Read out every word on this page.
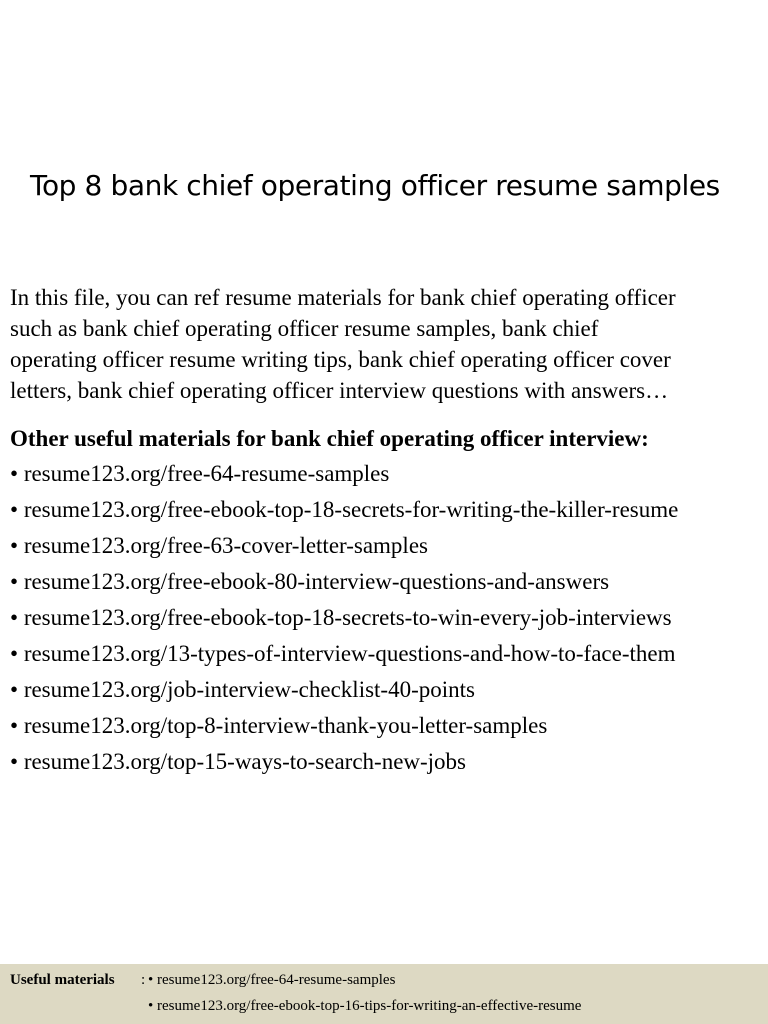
Top 8 bank chief operating officer resume samples
In this file, you can ref resume materials for bank chief operating officer
such as bank chief operating officer resume samples, bank chief
operating officer resume writing tips, bank chief operating officer cover
letters, bank chief operating officer interview questions with answers…
Other useful materials for bank chief operating officer interview:
• resume123.org/free-64-resume-samples
• resume123.org/free-ebook-top-18-secrets-for-writing-the-killer-resume
• resume123.org/free-63-cover-letter-samples
• resume123.org/free-ebook-80-interview-questions-and-answers
• resume123.org/free-ebook-top-18-secrets-to-win-every-job-interviews
• resume123.org/13-types-of-interview-questions-and-how-to-face-them
• resume123.org/job-interview-checklist-40-points
• resume123.org/top-8-interview-thank-you-letter-samples
• resume123.org/top-15-ways-to-search-new-jobs
Useful materials : • resume123.org/free-64-resume-samples
• resume123.org/free-ebook-top-16-tips-for-writing-an-effective-resume
